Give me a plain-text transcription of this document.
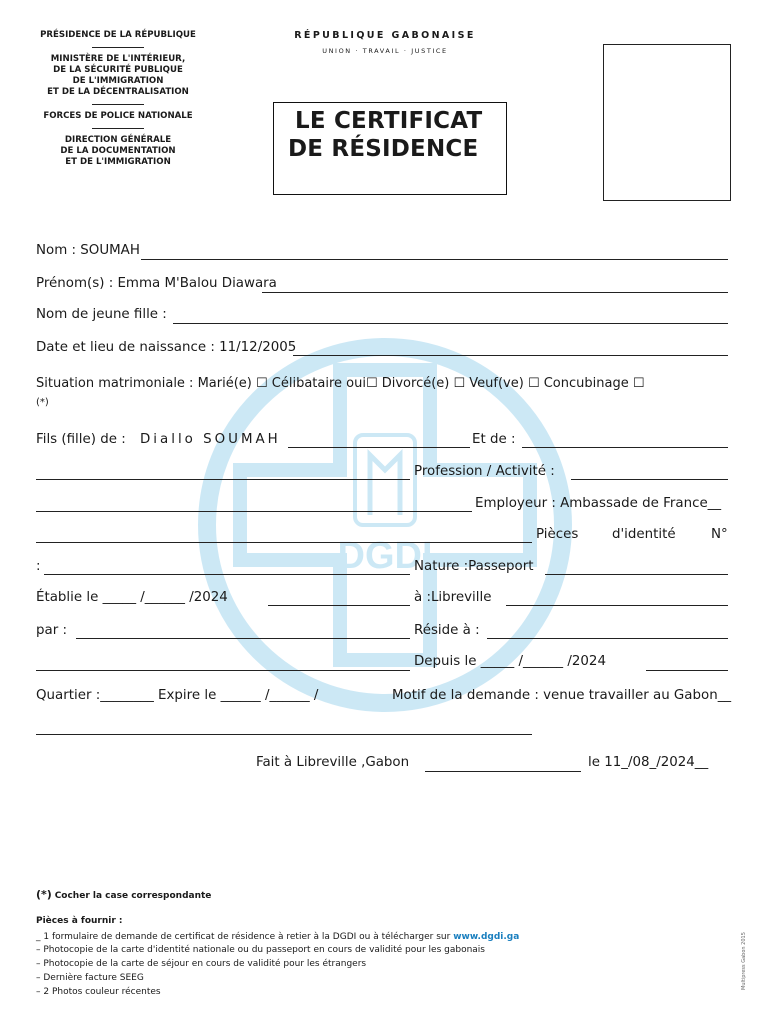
PRÉSIDENCE DE LA RÉPUBLIQUE
MINISTÈRE DE L'INTÉRIEUR,
DE LA SÉCURITÉ PUBLIQUE
DE L'IMMIGRATION
ET DE LA DÉCENTRALISATION
FORCES DE POLICE NATIONALE
DIRECTION GÉNÉRALE
DE LA DOCUMENTATION
ET DE L'IMMIGRATION
RÉPUBLIQUE GABONAISE
UNION · TRAVAIL · JUSTICE
LE CERTIFICAT
DE RÉSIDENCE
DGDI
Nom : SOUMAH
Prénom(s) : Emma M'Balou Diawara
Nom de jeune fille :
Date et lieu de naissance : 11/12/2005
Situation matrimoniale : Marié(e) ☐ Célibataire oui☐ Divorcé(e) ☐ Veuf(ve) ☐ Concubinage ☐
(*)
Fils (fille) de : Diallo SOUMAH	Et de :
Profession / Activité :
Employeur : Ambassade de France__
Pièces	d'identité	N°
:	Nature :Passeport
Établie le _____ /______ /2024	à :Libreville
par :	Réside à :
Depuis le _____ /______ /2024
Quartier :________ Expire le ______ /______ /	Motif de la demande : venue travailler au Gabon__
Fait à Libreville ,Gabon	le 11_/08_/2024__
(*) Cocher la case correspondante
Pièces à fournir :
_ 1 formulaire de demande de certificat de résidence à retier à la DGDI ou à télécharger sur www.dgdi.ga
– Photocopie de la carte d'identité nationale ou du passeport en cours de validité pour les gabonais
– Photocopie de la carte de séjour en cours de validité pour les étrangers
– Dernière facture SEEG
– 2 Photos couleur récentes
Multipress Gabon 2015
